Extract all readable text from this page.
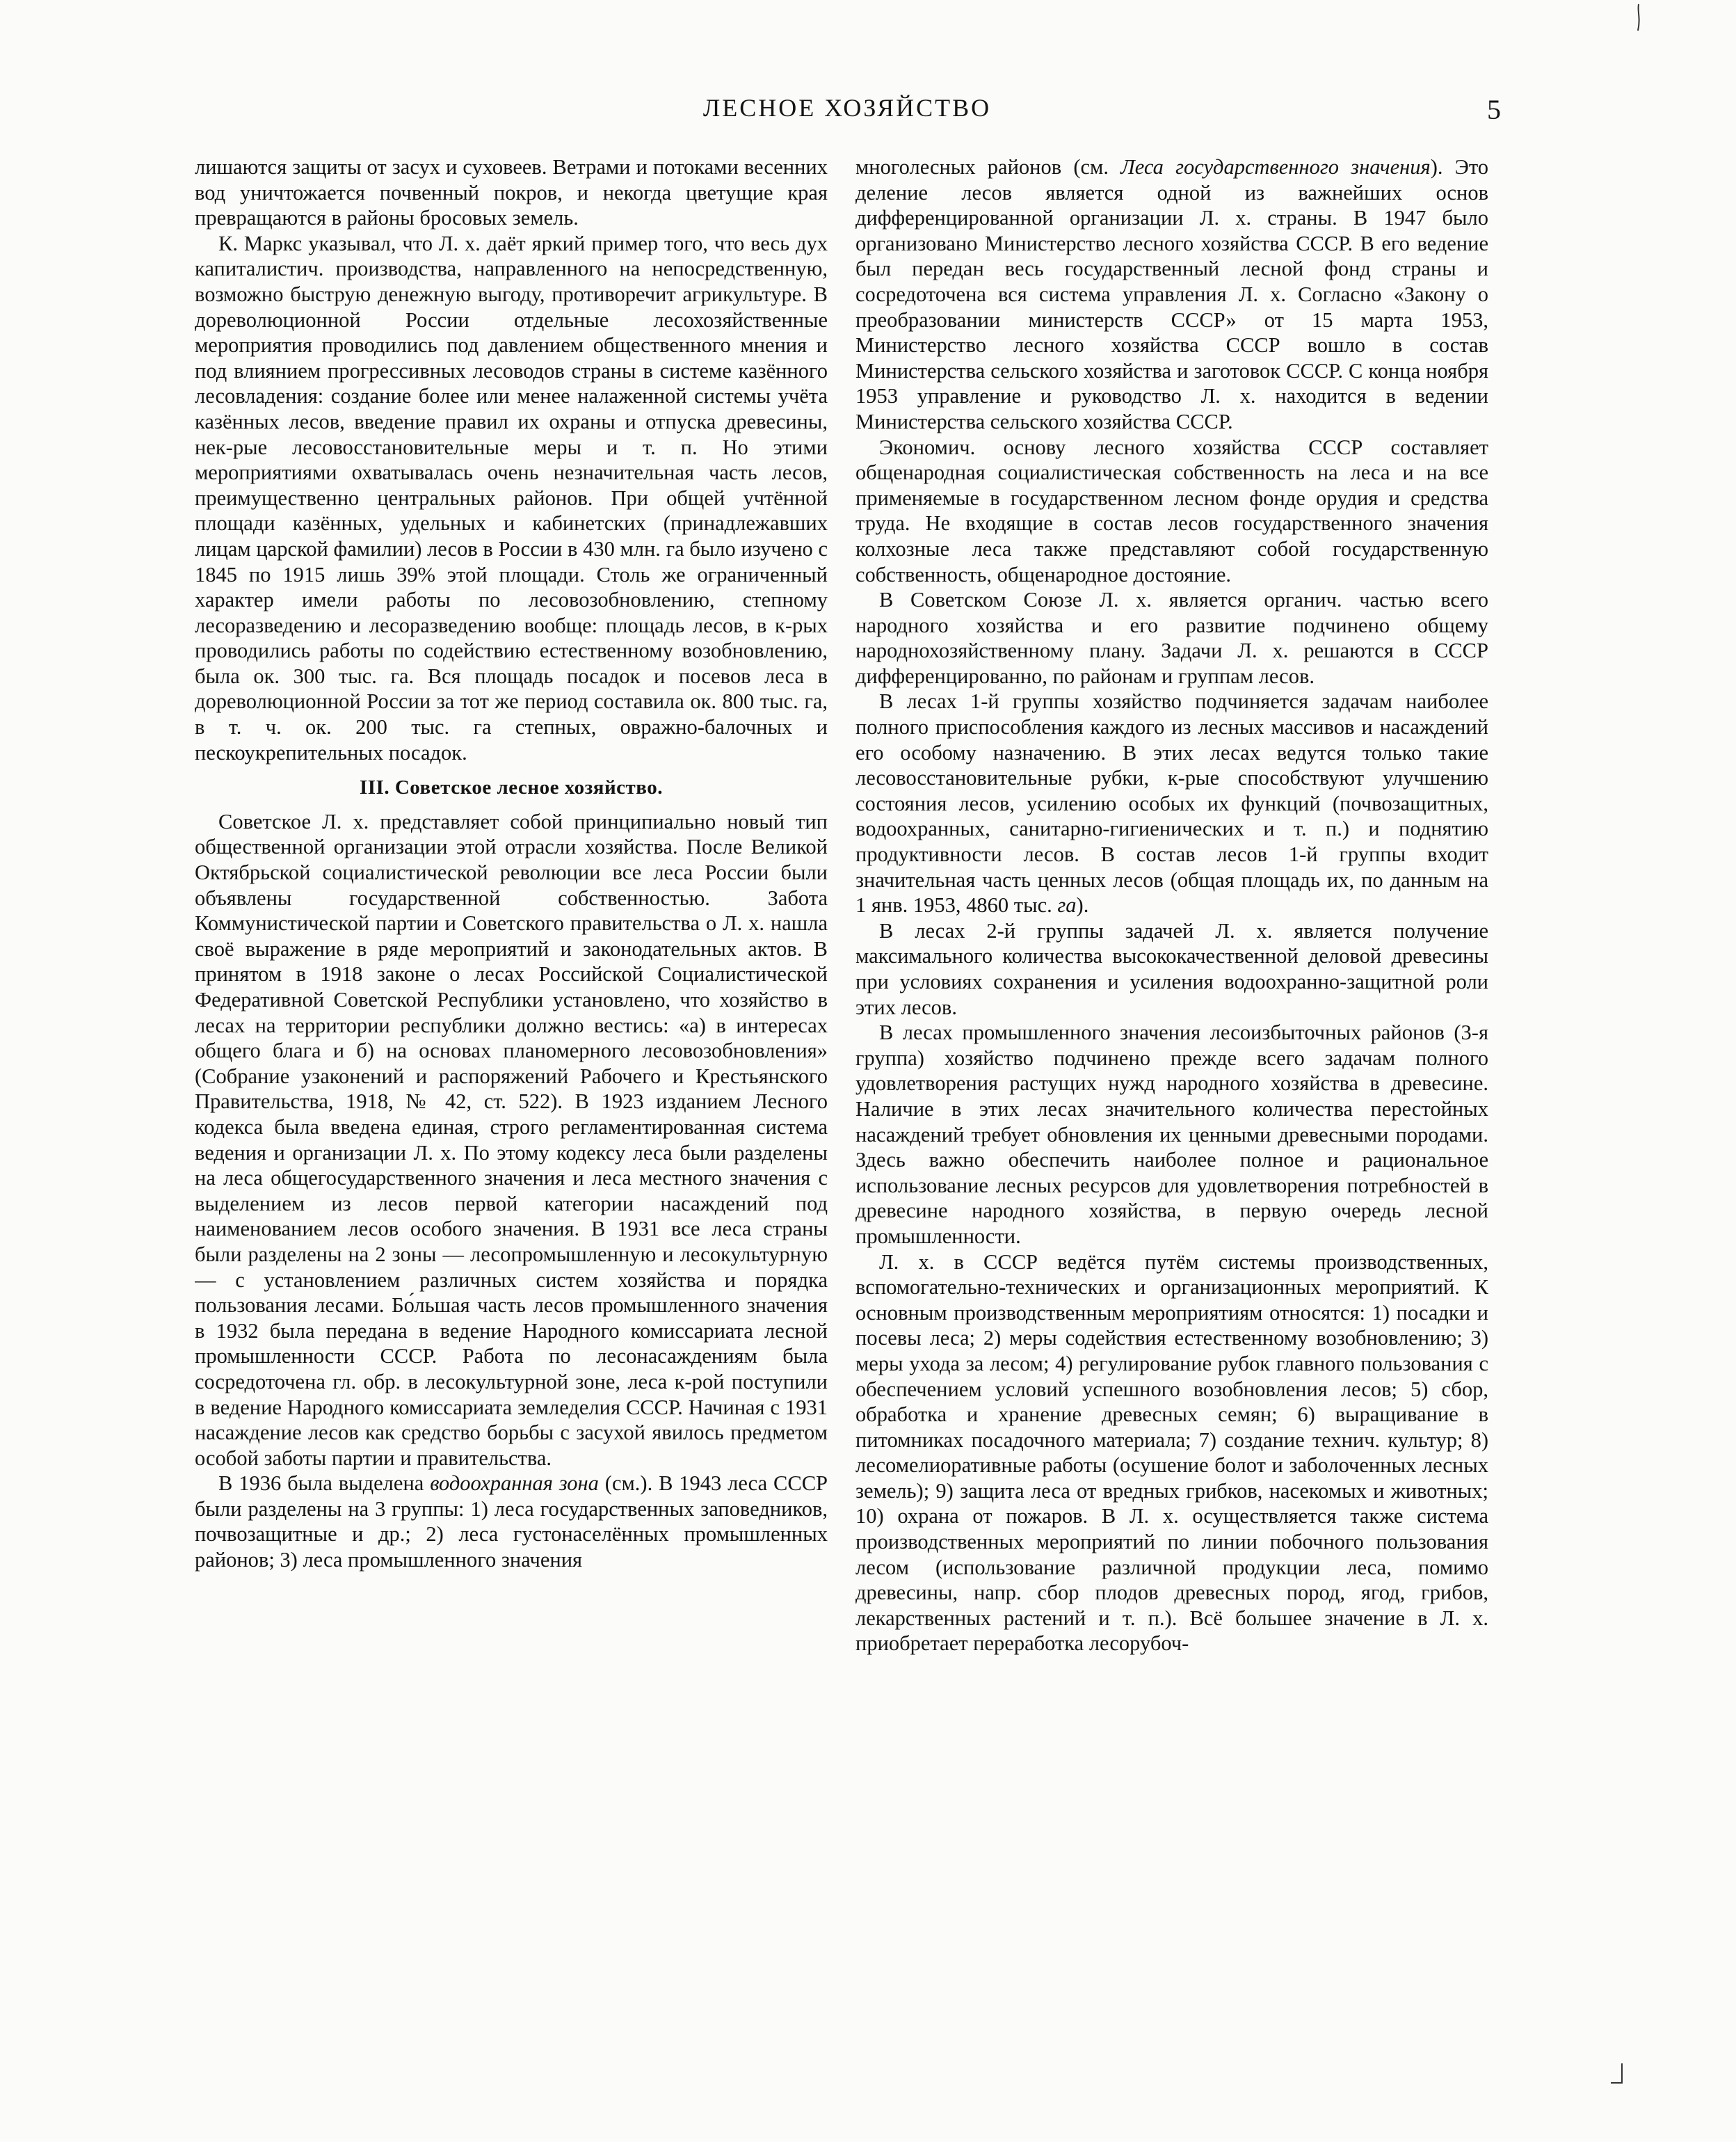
ЛЕСНОЕ ХОЗЯЙСТВО	5

лишаются защиты от засух и суховеев. Ветрами и потоками весенних вод уничтожается почвенный покров, и некогда цветущие края превращаются в районы бросовых земель.

К. Маркс указывал, что Л. х. даёт яркий пример того, что весь дух капиталистич. производства, направленного на непосредственную, возможно быструю денежную выгоду, противоречит агрикультуре. В дореволюционной России отдельные лесохозяйственные мероприятия проводились под давлением общественного мнения и под влиянием прогрессивных лесоводов страны в системе казённого лесовладения: создание более или менее налаженной системы учёта казённых лесов, введение правил их охраны и отпуска древесины, нек-рые лесовосстановительные меры и т. п. Но этими мероприятиями охватывалась очень незначительная часть лесов, преимущественно центральных районов. При общей учтённой площади казённых, удельных и кабинетских (принадлежавших лицам царской фамилии) лесов в России в 430 млн. га было изучено с 1845 по 1915 лишь 39% этой площади. Столь же ограниченный характер имели работы по лесовозобновлению, степному лесоразведению и лесоразведению вообще: площадь лесов, в к-рых проводились работы по содействию естественному возобновлению, была ок. 300 тыс. га. Вся площадь посадок и посевов леса в дореволюционной России за тот же период составила ок. 800 тыс. га, в т. ч. ок. 200 тыс. га степных, овражно-балочных и пескоукрепительных посадок.

III. Советское лесное хозяйство.

Советское Л. х. представляет собой принципиально новый тип общественной организации этой отрасли хозяйства. После Великой Октябрьской социалистической революции все леса России были объявлены государственной собственностью. Забота Коммунистической партии и Советского правительства о Л. х. нашла своё выражение в ряде мероприятий и законодательных актов. В принятом в 1918 законе о лесах Российской Социалистической Федеративной Советской Республики установлено, что хозяйство в лесах на территории республики должно вестись: «а) в интересах общего блага и б) на основах планомерного лесовозобновления» (Собрание узаконений и распоряжений Рабочего и Крестьянского Правительства, 1918, № 42, ст. 522). В 1923 изданием Лесного кодекса была введена единая, строго регламентированная система ведения и организации Л. х. По этому кодексу леса были разделены на леса общегосударственного значения и леса местного значения с выделением из лесов первой категории насаждений под наименованием лесов особого значения. В 1931 все леса страны были разделены на 2 зоны — лесопромышленную и лесокультурную — с установлением различных систем хозяйства и порядка пользования лесами. Бо́льшая часть лесов промышленного значения в 1932 была передана в ведение Народного комиссариата лесной промышленности СССР. Работа по лесонасаждениям была сосредоточена гл. обр. в лесокультурной зоне, леса к-рой поступили в ведение Народного комиссариата земледелия СССР. Начиная с 1931 насаждение лесов как средство борьбы с засухой явилось предметом особой заботы партии и правительства.

В 1936 была выделена водоохранная зона (см.). В 1943 леса СССР были разделены на 3 группы: 1) леса государственных заповедников, почвозащитные и др.; 2) леса густонаселённых промышленных районов; 3) леса промышленного значения

многолесных районов (см. Леса государственного значения). Это деление лесов является одной из важнейших основ дифференцированной организации Л. х. страны. В 1947 было организовано Министерство лесного хозяйства СССР. В его ведение был передан весь государственный лесной фонд страны и сосредоточена вся система управления Л. х. Согласно «Закону о преобразовании министерств СССР» от 15 марта 1953, Министерство лесного хозяйства СССР вошло в состав Министерства сельского хозяйства и заготовок СССР. С конца ноября 1953 управление и руководство Л. х. находится в ведении Министерства сельского хозяйства СССР.

Экономич. основу лесного хозяйства СССР составляет общенародная социалистическая собственность на леса и на все применяемые в государственном лесном фонде орудия и средства труда. Не входящие в состав лесов государственного значения колхозные леса также представляют собой государственную собственность, общенародное достояние.

В Советском Союзе Л. х. является органич. частью всего народного хозяйства и его развитие подчинено общему народнохозяйственному плану. Задачи Л. х. решаются в СССР дифференцированно, по районам и группам лесов.

В лесах 1-й группы хозяйство подчиняется задачам наиболее полного приспособления каждого из лесных массивов и насаждений его особому назначению. В этих лесах ведутся только такие лесовосстановительные рубки, к-рые способствуют улучшению состояния лесов, усилению особых их функций (почвозащитных, водоохранных, санитарно-гигиенических и т. п.) и поднятию продуктивности лесов. В состав лесов 1-й группы входит значительная часть ценных лесов (общая площадь их, по данным на 1 янв. 1953, 4860 тыс. га).

В лесах 2-й группы задачей Л. х. является получение максимального количества высококачественной деловой древесины при условиях сохранения и усиления водоохранно-защитной роли этих лесов.

В лесах промышленного значения лесоизбыточных районов (3-я группа) хозяйство подчинено прежде всего задачам полного удовлетворения растущих нужд народного хозяйства в древесине. Наличие в этих лесах значительного количества перестойных насаждений требует обновления их ценными древесными породами. Здесь важно обеспечить наиболее полное и рациональное использование лесных ресурсов для удовлетворения потребностей в древесине народного хозяйства, в первую очередь лесной промышленности.

Л. х. в СССР ведётся путём системы производственных, вспомогательно-технических и организационных мероприятий. К основным производственным мероприятиям относятся: 1) посадки и посевы леса; 2) меры содействия естественному возобновлению; 3) меры ухода за лесом; 4) регулирование рубок главного пользования с обеспечением условий успешного возобновления лесов; 5) сбор, обработка и хранение древесных семян; 6) выращивание в питомниках посадочного материала; 7) создание технич. культур; 8) лесомелиоративные работы (осушение болот и заболоченных лесных земель); 9) защита леса от вредных грибков, насекомых и животных; 10) охрана от пожаров. В Л. х. осуществляется также система производственных мероприятий по линии побочного пользования лесом (использование различной продукции леса, помимо древесины, напр. сбор плодов древесных пород, ягод, грибов, лекарственных растений и т. п.). Всё большее значение в Л. х. приобретает переработка лесорубоч-
